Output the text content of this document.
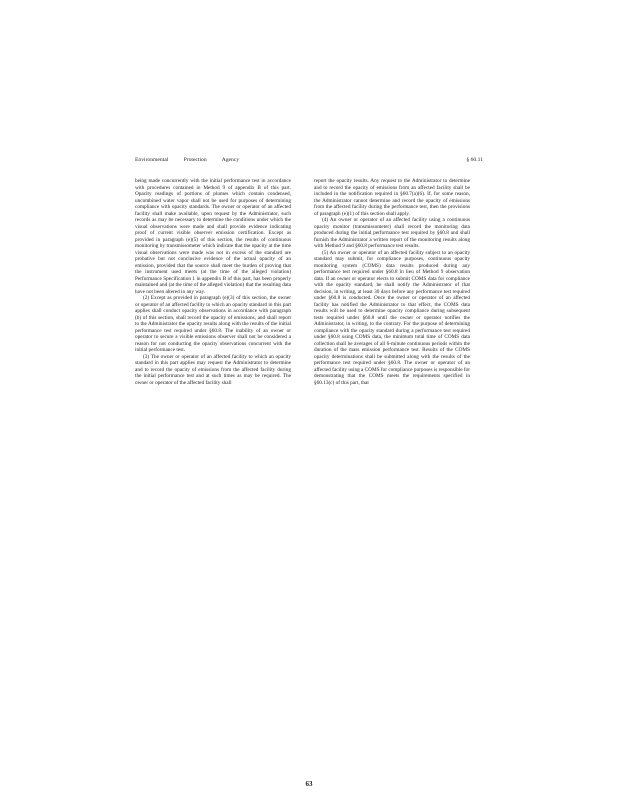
Environmental Protection Agency	§ 60.11

being made concurrently with the initial performance test in accordance with procedures contained in Method 9 of appendix B of this part. Opacity readings of portions of plumes which contain condensed, uncombined water vapor shall not be used for purposes of determining compliance with opacity standards. The owner or operator of an affected facility shall make available, upon request by the Administrator, such records as may be necessary to determine the conditions under which the visual observations were made and shall provide evidence indicating proof of current visible observer emission certification. Except as provided in paragraph (e)(5) of this section, the results of continuous monitoring by transmissometer which indicate that the opacity at the time visual observations were made was not in excess of the standard are probative but not conclusive evidence of the actual opacity of an emission, provided that the source shall meet the burden of proving that the instrument used meets (at the time of the alleged violation) Performance Specification 1 in appendix B of this part, has been properly maintained and (at the time of the alleged violation) that the resulting data have not been altered in any way.

(2) Except as provided in paragraph (e)(3) of this section, the owner or operator of an affected facility to which an opacity standard in this part applies shall conduct opacity observations in accordance with paragraph (b) of this section, shall record the opacity of emissions, and shall report to the Administrator the opacity results along with the results of the initial performance test required under §60.8. The inability of an owner or operator to secure a visible emissions observer shall not be considered a reason for not conducting the opacity observations concurrent with the initial performance test.

(3) The owner or operator of an affected facility to which an opacity standard in this part applies may request the Administrator to determine and to record the opacity of emissions from the affected facility during the initial performance test and at such times as may be required. The owner or operator of the affected facility shall

report the opacity results. Any request to the Administrator to determine and to record the opacity of emissions from an affected facility shall be included in the notification required in §60.7(a)(6). If, for some reason, the Administrator cannot determine and record the opacity of emissions from the affected facility during the performance test, then the provisions of paragraph (e)(1) of this section shall apply.

(4) An owner or operator of an affected facility using a continuous opacity monitor (transmissometer) shall record the monitoring data produced during the initial performance test required by §60.8 and shall furnish the Administrator a written report of the monitoring results along with Method 9 and §60.8 performance test results.

(5) An owner or operator of an affected facility subject to an opacity standard may submit, for compliance purposes, continuous opacity monitoring system (COMS) data results produced during any performance test required under §60.8 in lieu of Method 9 observation data. If an owner or operator elects to submit COMS data for compliance with the opacity standard, he shall notify the Administrator of that decision, in writing, at least 30 days before any performance test required under §60.8 is conducted. Once the owner or operator of an affected facility has notified the Administrator to that effect, the COMS data results will be used to determine opacity compliance during subsequent tests required under §60.8 until the owner or operator notifies the Administrator, in writing, to the contrary. For the purpose of determining compliance with the opacity standard during a performance test required under §60.8 using COMS data, the minimum total time of COMS data collection shall be averages of all 6-minute continuous periods within the duration of the mass emission performance test. Results of the COMS opacity determinations shall be submitted along with the results of the performance test required under §60.8. The owner or operator of an affected facility using a COMS for compliance purposes is responsible for demonstrating that the COMS meets the requirements specified in §60.13(c) of this part, that

63
